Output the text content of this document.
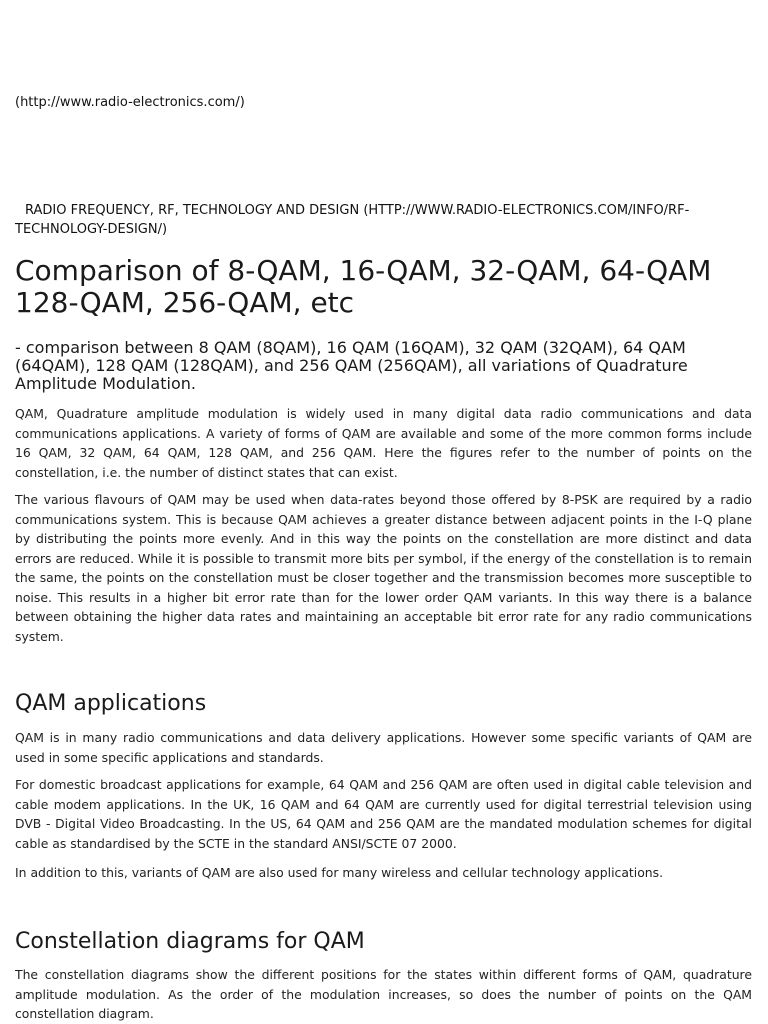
(http://www.radio-electronics.com/)
RADIO FREQUENCY, RF, TECHNOLOGY AND DESIGN (HTTP://WWW.RADIO-ELECTRONICS.COM/INFO/RF-TECHNOLOGY-DESIGN/)
Comparison of 8-QAM, 16-QAM, 32-QAM, 64-QAM 128-QAM, 256-QAM, etc
- comparison between 8 QAM (8QAM), 16 QAM (16QAM), 32 QAM (32QAM), 64 QAM (64QAM), 128 QAM (128QAM), and 256 QAM (256QAM), all variations of Quadrature Amplitude Modulation.

QAM, Quadrature amplitude modulation is widely used in many digital data radio communications and data communications applications. A variety of forms of QAM are available and some of the more common forms include 16 QAM, 32 QAM, 64 QAM, 128 QAM, and 256 QAM. Here the figures refer to the number of points on the constellation, i.e. the number of distinct states that can exist.

The various flavours of QAM may be used when data-rates beyond those offered by 8-PSK are required by a radio communications system. This is because QAM achieves a greater distance between adjacent points in the I-Q plane by distributing the points more evenly. And in this way the points on the constellation are more distinct and data errors are reduced. While it is possible to transmit more bits per symbol, if the energy of the constellation is to remain the same, the points on the constellation must be closer together and the transmission becomes more susceptible to noise. This results in a higher bit error rate than for the lower order QAM variants. In this way there is a balance between obtaining the higher data rates and maintaining an acceptable bit error rate for any radio communications system.

QAM applications

QAM is in many radio communications and data delivery applications. However some specific variants of QAM are used in some specific applications and standards.

For domestic broadcast applications for example, 64 QAM and 256 QAM are often used in digital cable television and cable modem applications. In the UK, 16 QAM and 64 QAM are currently used for digital terrestrial television using DVB - Digital Video Broadcasting. In the US, 64 QAM and 256 QAM are the mandated modulation schemes for digital cable as standardised by the SCTE in the standard ANSI/SCTE 07 2000.

In addition to this, variants of QAM are also used for many wireless and cellular technology applications.

Constellation diagrams for QAM

The constellation diagrams show the different positions for the states within different forms of QAM, quadrature amplitude modulation. As the order of the modulation increases, so does the number of points on the QAM constellation diagram.
